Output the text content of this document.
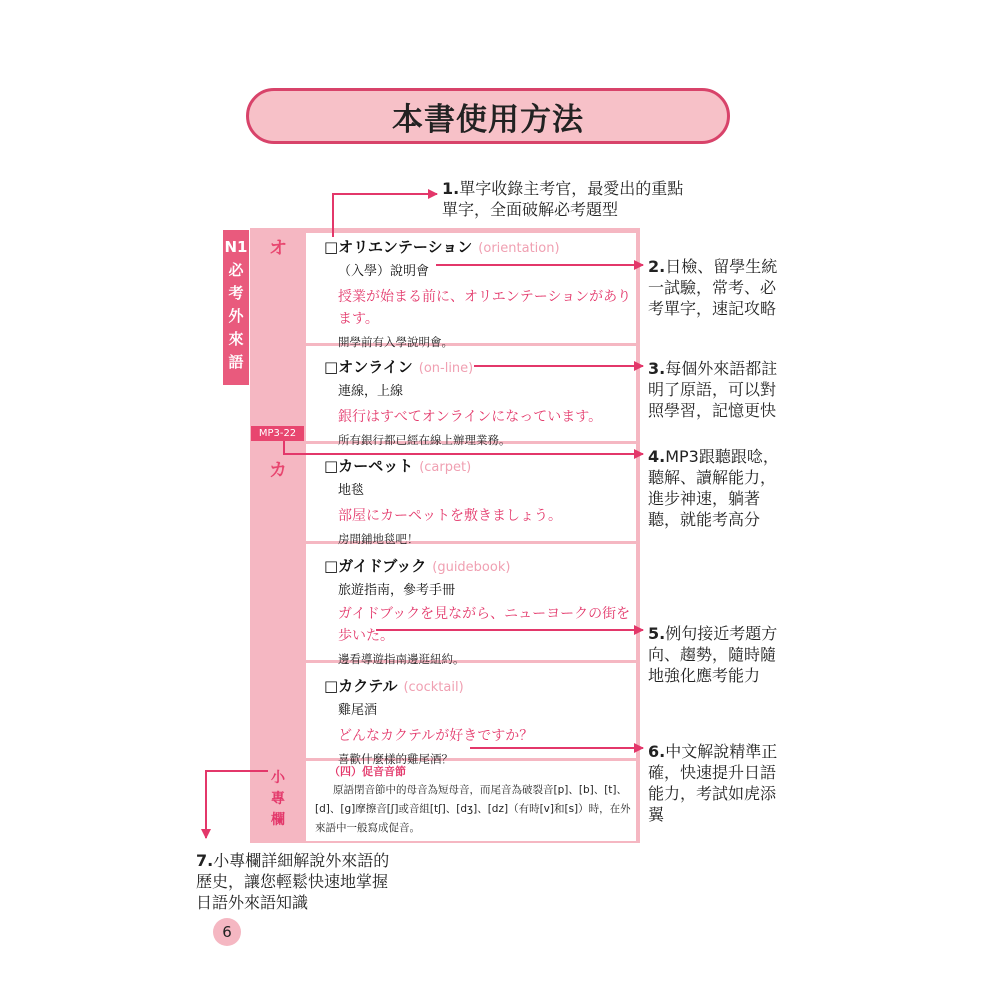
本書使用方法
N1
必
考
外
來
語
オ
カ
MP3-22
小
專
欄
□オリエンテーション (orientation)
（入學）說明會
授業が始まる前に、オリエンテーションがあります。
開學前有入學說明會。
□オンライン (on-line)
連線，上線
銀行はすべてオンラインになっています。
所有銀行都已經在線上辦理業務。
□カーペット (carpet)
地毯
部屋にカーペットを敷きましょう。
房間鋪地毯吧！
□ガイドブック (guidebook)
旅遊指南，參考手冊
ガイドブックを見ながら、ニューヨークの街を歩いた。
邊看導遊指南邊逛紐約。
□カクテル (cocktail)
雞尾酒
どんなカクテルが好きですか？
喜歡什麼樣的雞尾酒？
（四）促音音節
原語閉音節中的母音為短母音，而尾音為破裂音[p]、[b]、[t]、[d]、[g]摩擦音[ʃ]或音組[tʃ]、[dʒ]、[dz]（有時[v]和[s]）時，在外來語中一般寫成促音。
1.單字收錄主考官，最愛出的重點單字，全面破解必考題型
2.日檢、留學生統一試驗，常考、必考單字，速記攻略
3.每個外來語都註明了原語，可以對照學習，記憶更快
4.MP3跟聽跟唸，聽解、讀解能力，進步神速，躺著聽，就能考高分
5.例句接近考題方向、趨勢，隨時隨地強化應考能力
6.中文解說精準正確，快速提升日語能力，考試如虎添翼
7.小專欄詳細解說外來語的歷史，讓您輕鬆快速地掌握日語外來語知識
6
